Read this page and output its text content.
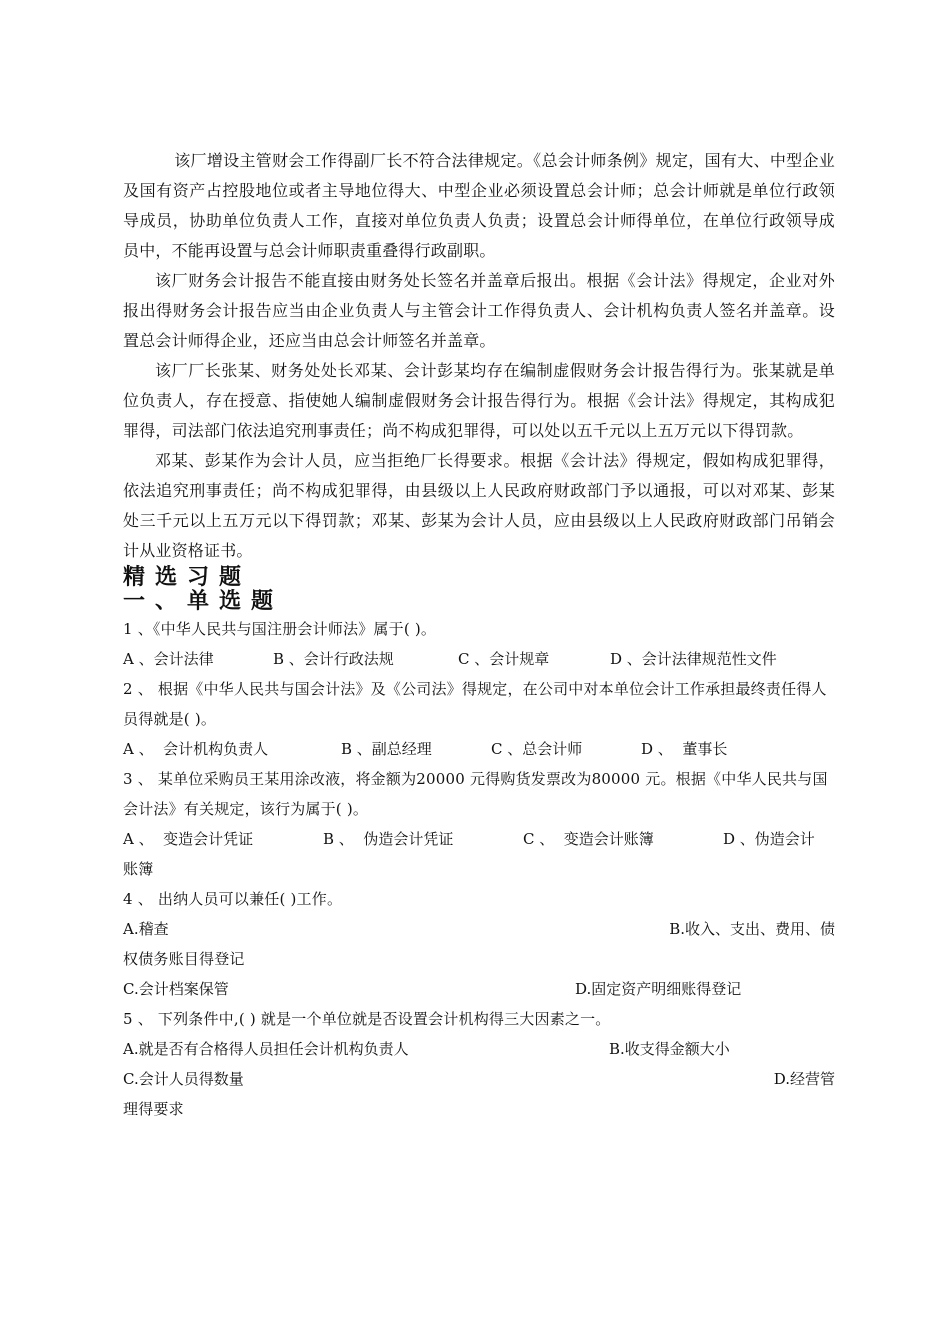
该厂增设主管财会工作得副厂长不符合法律规定。《总会计师条例》规定，国有大、中型企业及国有资产占控股地位或者主导地位得大、中型企业必须设置总会计师；总会计师就是单位行政领导成员，协助单位负责人工作，直接对单位负责人负责；设置总会计师得单位，在单位行政领导成员中，不能再设置与总会计师职责重叠得行政副职。

该厂财务会计报告不能直接由财务处长签名并盖章后报出。根据《会计法》得规定，企业对外报出得财务会计报告应当由企业负责人与主管会计工作得负责人、会计机构负责人签名并盖章。设置总会计师得企业，还应当由总会计师签名并盖章。

该厂厂长张某、财务处处长邓某、会计彭某均存在编制虚假财务会计报告得行为。张某就是单位负责人，存在授意、指使她人编制虚假财务会计报告得行为。根据《会计法》得规定，其构成犯罪得，司法部门依法追究刑事责任；尚不构成犯罪得，可以处以五千元以上五万元以下得罚款。

邓某、彭某作为会计人员，应当拒绝厂长得要求。根据《会计法》得规定，假如构成犯罪得，依法追究刑事责任；尚不构成犯罪得，由县级以上人民政府财政部门予以通报，可以对邓某、彭某处三千元以上五万元以下得罚款；邓某、彭某为会计人员，应由县级以上人民政府财政部门吊销会计从业资格证书。

精选习题
一、单选题

1 、《中华人民共与国注册会计师法》属于( )。

A 、会计法律	B 、会计行政法规	C 、会计规章	D 、会计法律规范性文件

2 、 根据《中华人民共与国会计法》及《公司法》得规定，在公司中对本单位会计工作承担最终责任得人员得就是( )。

A 、  会计机构负责人	B 、副总经理	C 、总会计师	D 、  董事长

3 、 某单位采购员王某用涂改液，将金额为20000 元得购货发票改为80000 元。根据《中华人民共与国会计法》有关规定，该行为属于( )。

A 、  变造会计凭证	B 、  伪造会计凭证	C 、  变造会计账簿	D 、伪造会计

账簿

4 、 出纳人员可以兼任( )工作。

A.稽查	B.收入、支出、费用、债

权债务账目得登记

C.会计档案保管	D.固定资产明细账得登记

5 、 下列条件中,( ) 就是一个单位就是否设置会计机构得三大因素之一。

A.就是否有合格得人员担任会计机构负责人	B.收支得金额大小
C.会计人员得数量	D.经营管

理得要求
